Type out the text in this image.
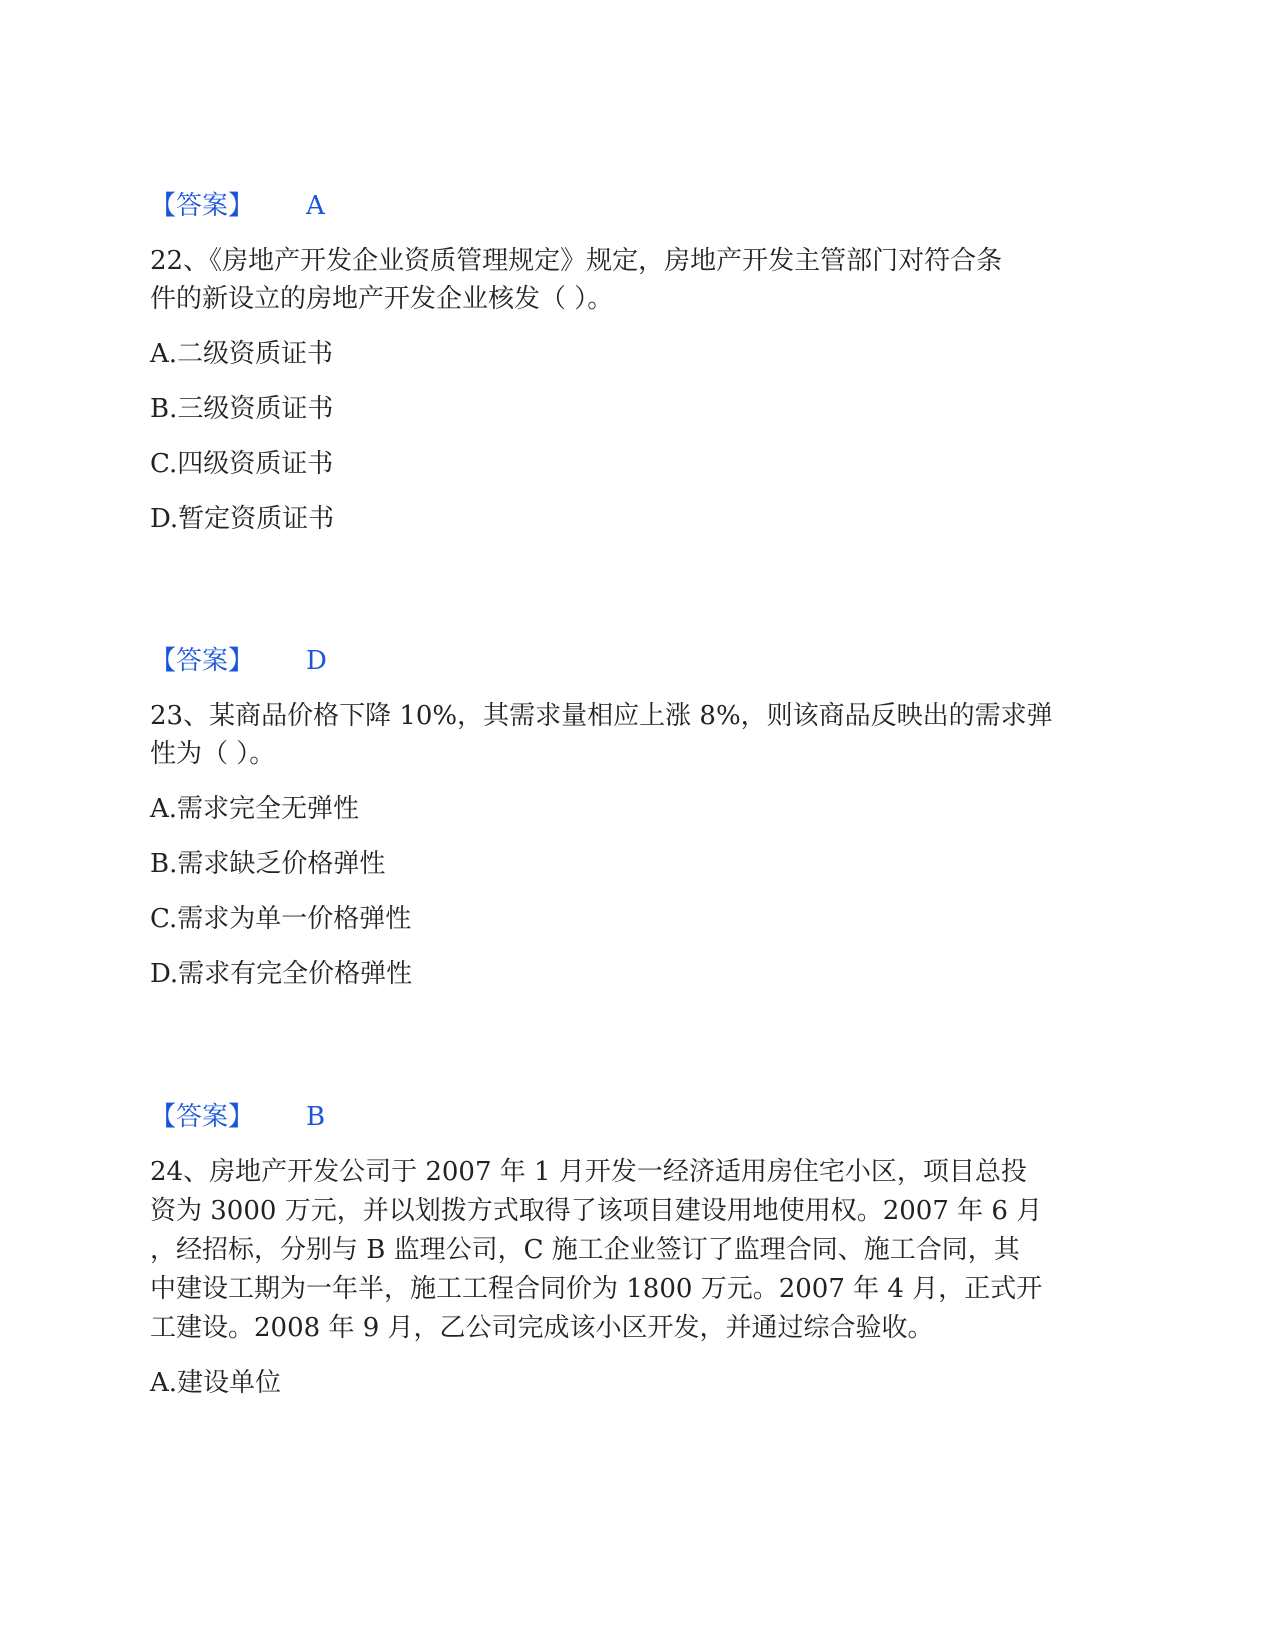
【答案】 A
22、《房地产开发企业资质管理规定》规定，房地产开发主管部门对符合条
件的新设立的房地产开发企业核发（ ）。
A.二级资质证书
B.三级资质证书
C.四级资质证书
D.暂定资质证书
【答案】 D
23、某商品价格下降 10%，其需求量相应上涨 8%，则该商品反映出的需求弹
性为（ ）。
A.需求完全无弹性
B.需求缺乏价格弹性
C.需求为单一价格弹性
D.需求有完全价格弹性
【答案】 B
24、房地产开发公司于 2007 年 1 月开发一经济适用房住宅小区，项目总投
资为 3000 万元，并以划拨方式取得了该项目建设用地使用权。2007 年 6 月
，经招标，分别与 B 监理公司，C 施工企业签订了监理合同、施工合同，其
中建设工期为一年半，施工工程合同价为 1800 万元。2007 年 4 月，正式开
工建设。2008 年 9 月，乙公司完成该小区开发，并通过综合验收。
A.建设单位
